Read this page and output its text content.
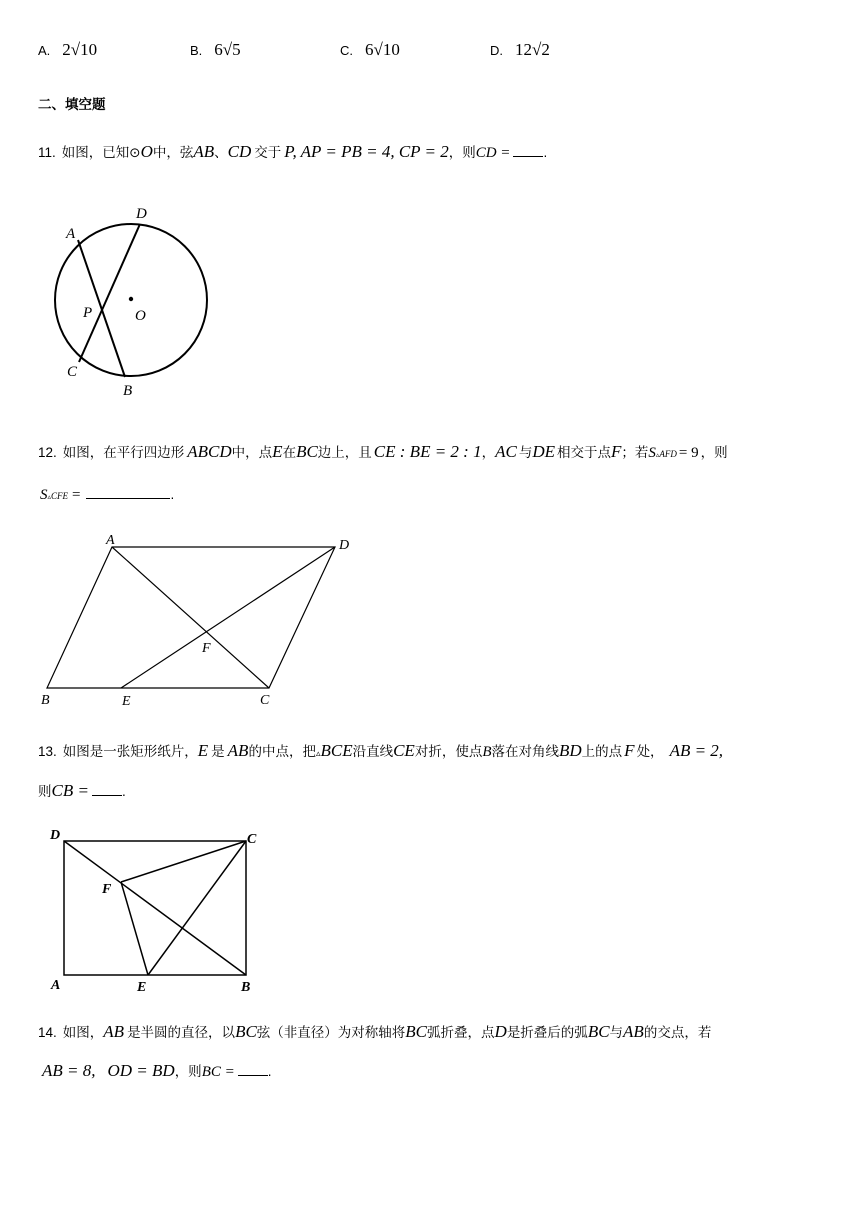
A. 2√10	B. 6√5	C. 6√10	D. 12√2
二、填空题
11. 如图，已知⊙ O 中，弦 AB 、 CD 交于 P, AP = PB = 4, CP = 2 ，则 CD = .
A
D
P	O
C
B
12. 如图，在平行四边形 ABCD 中，点 E 在 BC 边上，且 CE : BE = 2 : 1 ， AC 与 DE 相交于点 F ；若 S ▵ AFD = 9 ，则
S ▵ CFE =	.
A	D
F
B	E	C
13. 如图是一张矩形纸片， E 是 AB 的中点，把 ▵ BCE 沿直线 CE 对折，使点 B 落在对角线 BD 上的点 F 处， AB = 2,
则 CB = .
D	C
F
A	E	B
14. 如图， AB 是半圆的直径，以 BC 弦（非直径）为对称轴将 BC 弧折叠，点 D 是折叠后的弧 BC 与 AB 的交点，若
AB = 8, OD = BD ，则 BC = .
